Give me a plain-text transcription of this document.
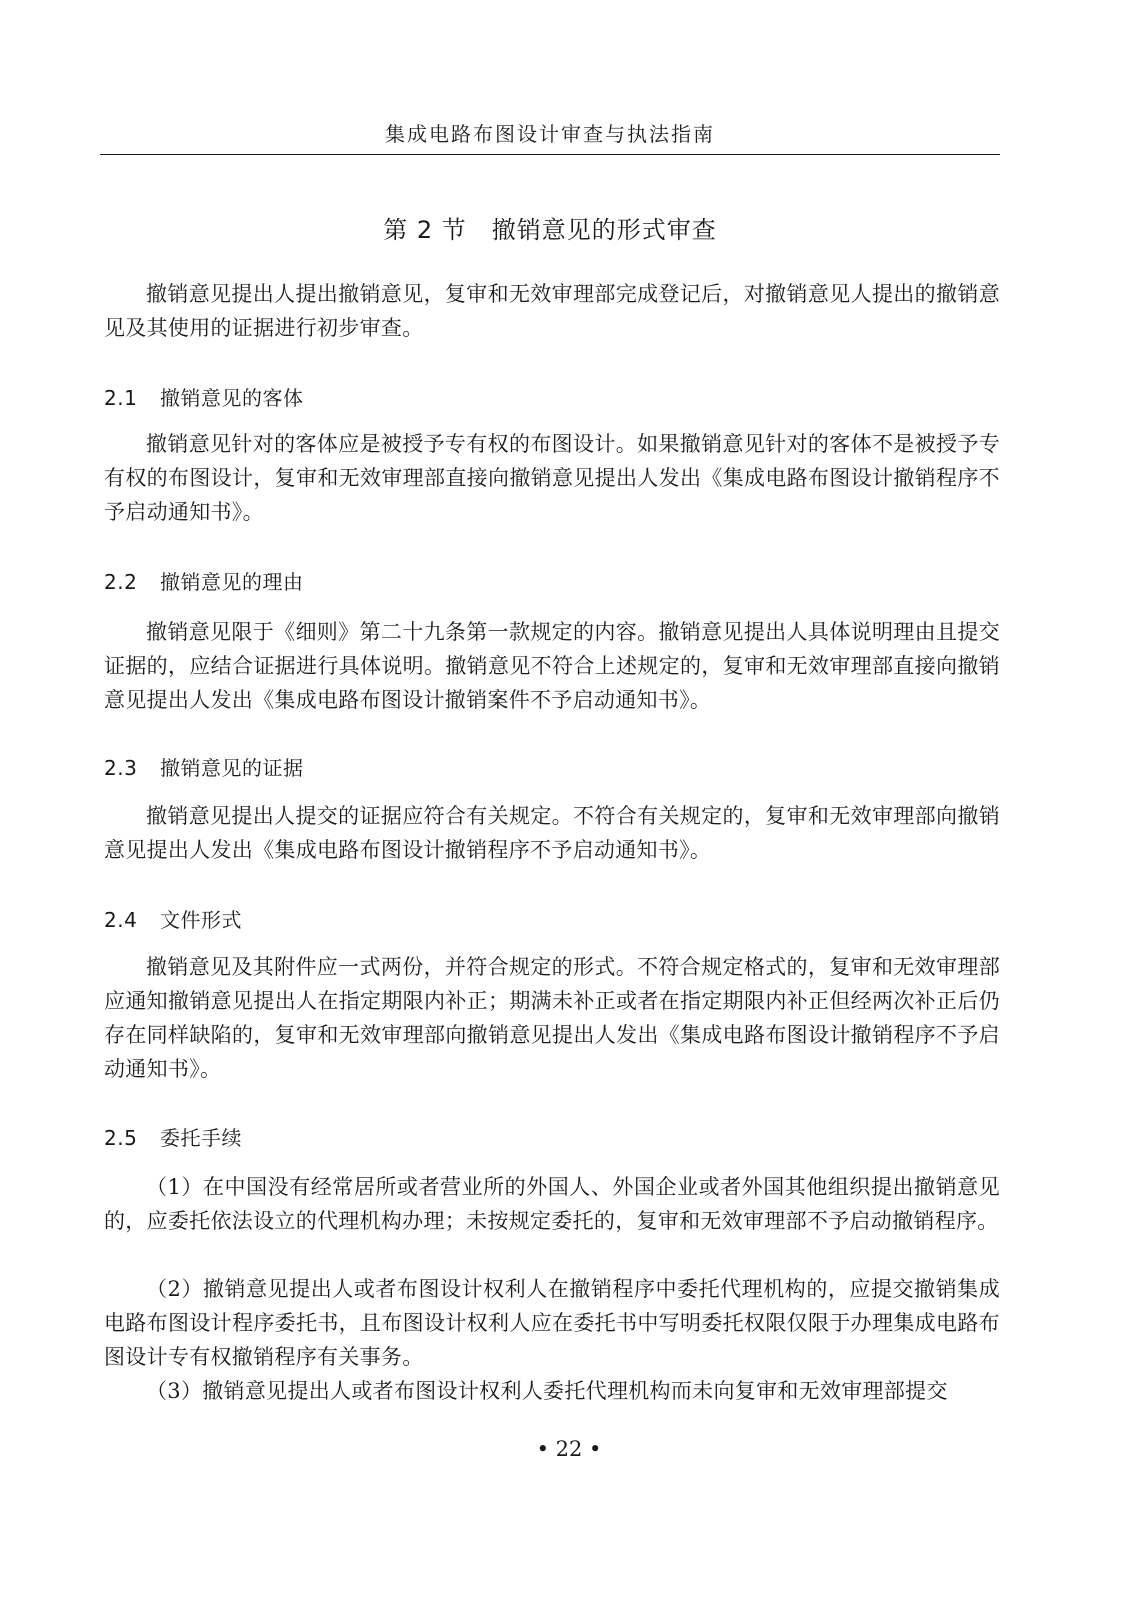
集成电路布图设计审查与执法指南
第 2 节　撤销意见的形式审查

撤销意见提出人提出撤销意见，复审和无效审理部完成登记后，对撤销意见人提出的撤销意见及其使用的证据进行初步审查。

2.1 撤销意见的客体

撤销意见针对的客体应是被授予专有权的布图设计。如果撤销意见针对的客体不是被授予专有权的布图设计，复审和无效审理部直接向撤销意见提出人发出《集成电路布图设计撤销程序不予启动通知书》。

2.2 撤销意见的理由

撤销意见限于《细则》第二十九条第一款规定的内容。撤销意见提出人具体说明理由且提交证据的，应结合证据进行具体说明。撤销意见不符合上述规定的，复审和无效审理部直接向撤销意见提出人发出《集成电路布图设计撤销案件不予启动通知书》。

2.3 撤销意见的证据

撤销意见提出人提交的证据应符合有关规定。不符合有关规定的，复审和无效审理部向撤销意见提出人发出《集成电路布图设计撤销程序不予启动通知书》。

2.4 文件形式

撤销意见及其附件应一式两份，并符合规定的形式。不符合规定格式的，复审和无效审理部应通知撤销意见提出人在指定期限内补正；期满未补正或者在指定期限内补正但经两次补正后仍存在同样缺陷的，复审和无效审理部向撤销意见提出人发出《集成电路布图设计撤销程序不予启动通知书》。

2.5 委托手续

（1）在中国没有经常居所或者营业所的外国人、外国企业或者外国其他组织提出撤销意见的，应委托依法设立的代理机构办理；未按规定委托的，复审和无效审理部不予启动撤销程序。

（2）撤销意见提出人或者布图设计权利人在撤销程序中委托代理机构的，应提交撤销集成电路布图设计程序委托书，且布图设计权利人应在委托书中写明委托权限仅限于办理集成电路布图设计专有权撤销程序有关事务。

（3）撤销意见提出人或者布图设计权利人委托代理机构而未向复审和无效审理部提交

• 22 •
